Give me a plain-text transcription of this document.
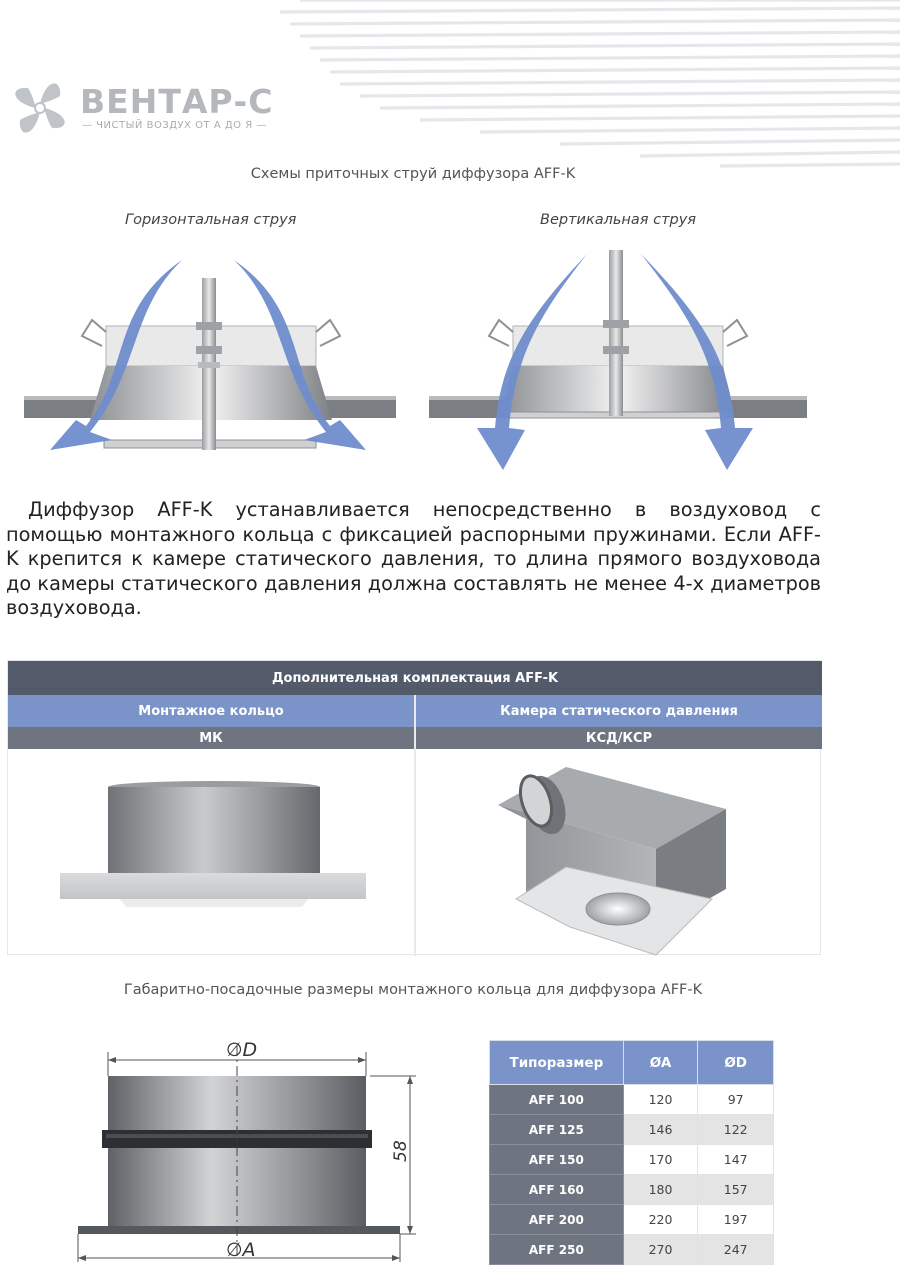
ВЕНТАР-С
— ЧИСТЫЙ ВОЗДУХ ОТ А ДО Я —
Схемы приточных струй диффузора AFF-K
Горизонтальная струя	Вертикальная струя
Диффузор AFF-K устанавливается непосредственно в воздуховод с помощью монтажного кольца с фиксацией распорными пружинами. Если AFF-K крепится к камере статического давления, то длина прямого воздуховода до камеры статического давления должна составлять не менее 4-х диаметров воздуховода.
Дополнительная комплектация AFF-K
Монтажное кольцо	Камера статического давления
МК	КСД/КСР
Габаритно-посадочные размеры монтажного кольца для диффузора AFF-K
∅D
∅A
58
Типоразмер	ØA	ØD
AFF 100	120	97
AFF 125	146	122
AFF 150	170	147
AFF 160	180	157
AFF 200	220	197
AFF 250	270	247
